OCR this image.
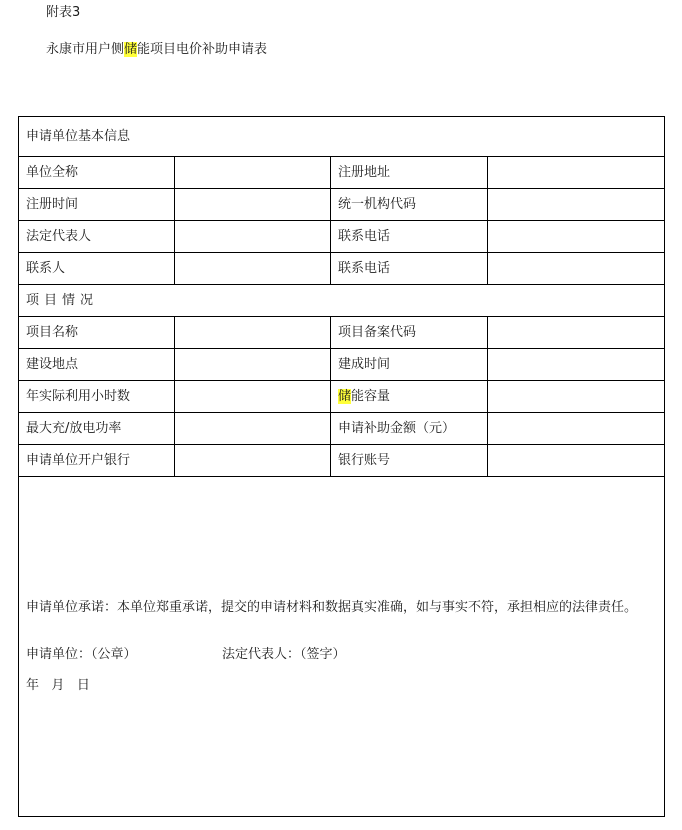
附表3
永康市用户侧储能项目电价补助申请表
申请单位基本信息			
单位全称		注册地址	
注册时间		统一机构代码	
法定代表人		联系电话	
联系人		联系电话	
项目情况			
项目名称		项目备案代码	
建设地点		建成时间	
年实际利用小时数		储能容量	
最大充/放电功率		申请补助金额（元）	
申请单位开户银行		银行账号	

申请单位承诺：本单位郑重承诺，提交的申请材料和数据真实准确，如与事实不符，承担相应的法律责任。
申请单位：（公章） 法定代表人：（签字）
年 月 日			
